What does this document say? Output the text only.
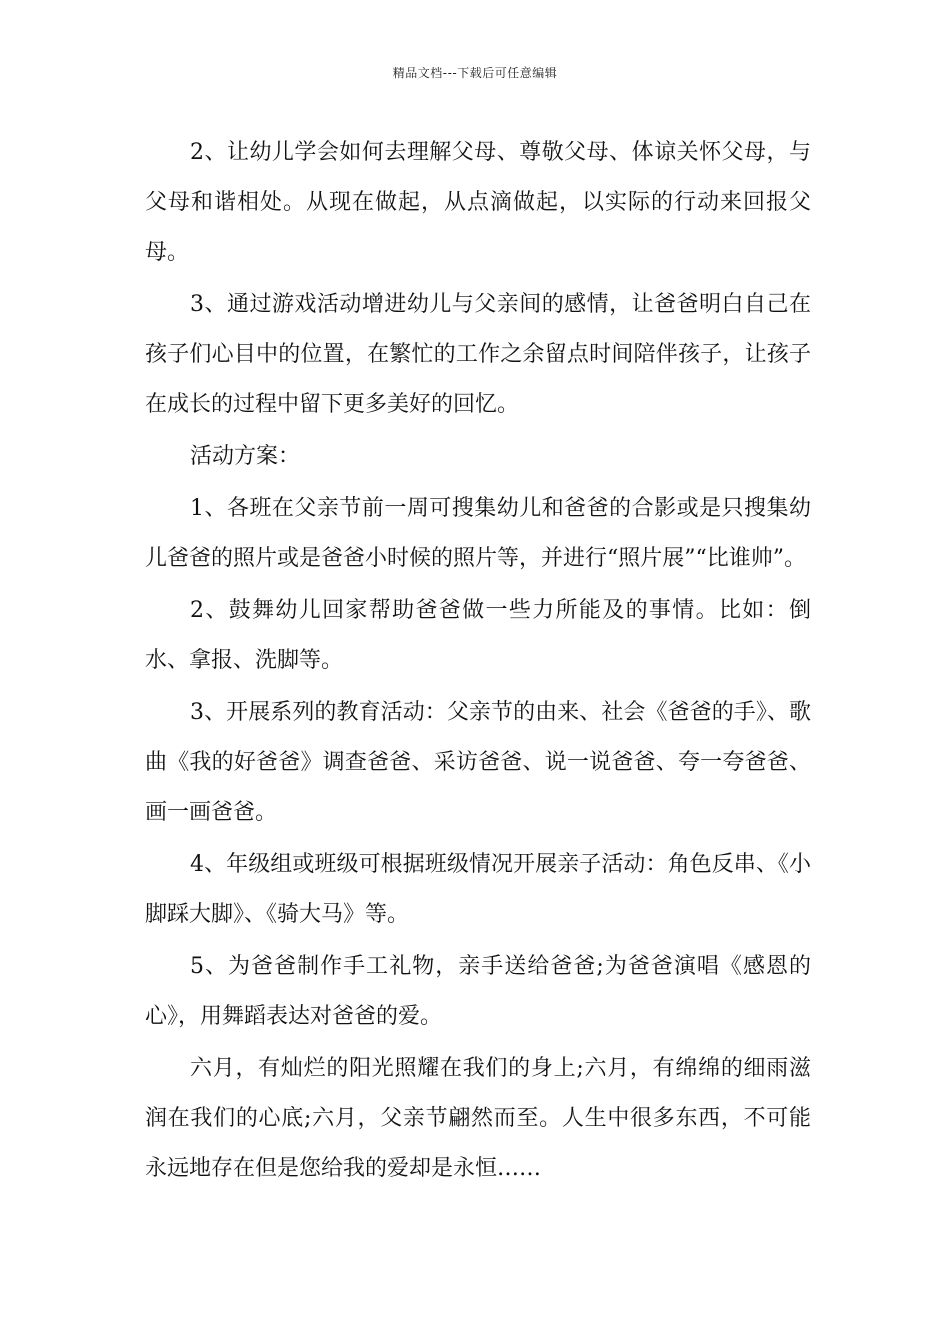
精品文档---下载后可任意编辑

2、让幼儿学会如何去理解父母、尊敬父母、体谅关怀父母，与父母和谐相处。从现在做起，从点滴做起，以实际的行动来回报父母。

3、通过游戏活动增进幼儿与父亲间的感情，让爸爸明白自己在孩子们心目中的位置，在繁忙的工作之余留点时间陪伴孩子，让孩子在成长的过程中留下更多美好的回忆。

活动方案：

1、各班在父亲节前一周可搜集幼儿和爸爸的合影或是只搜集幼儿爸爸的照片或是爸爸小时候的照片等，并进行“照片展”“比谁帅”。

2、鼓舞幼儿回家帮助爸爸做一些力所能及的事情。比如：倒水、拿报、洗脚等。

3、开展系列的教育活动：父亲节的由来、社会《爸爸的手》、歌曲《我的好爸爸》调查爸爸、采访爸爸、说一说爸爸、夸一夸爸爸、画一画爸爸。

4、年级组或班级可根据班级情况开展亲子活动：角色反串、《小脚踩大脚》、《骑大马》等。

5、为爸爸制作手工礼物，亲手送给爸爸;为爸爸演唱《感恩的心》，用舞蹈表达对爸爸的爱。

六月，有灿烂的阳光照耀在我们的身上;六月，有绵绵的细雨滋润在我们的心底;六月，父亲节翩然而至。人生中很多东西，不可能永远地存在但是您给我的爱却是永恒……
